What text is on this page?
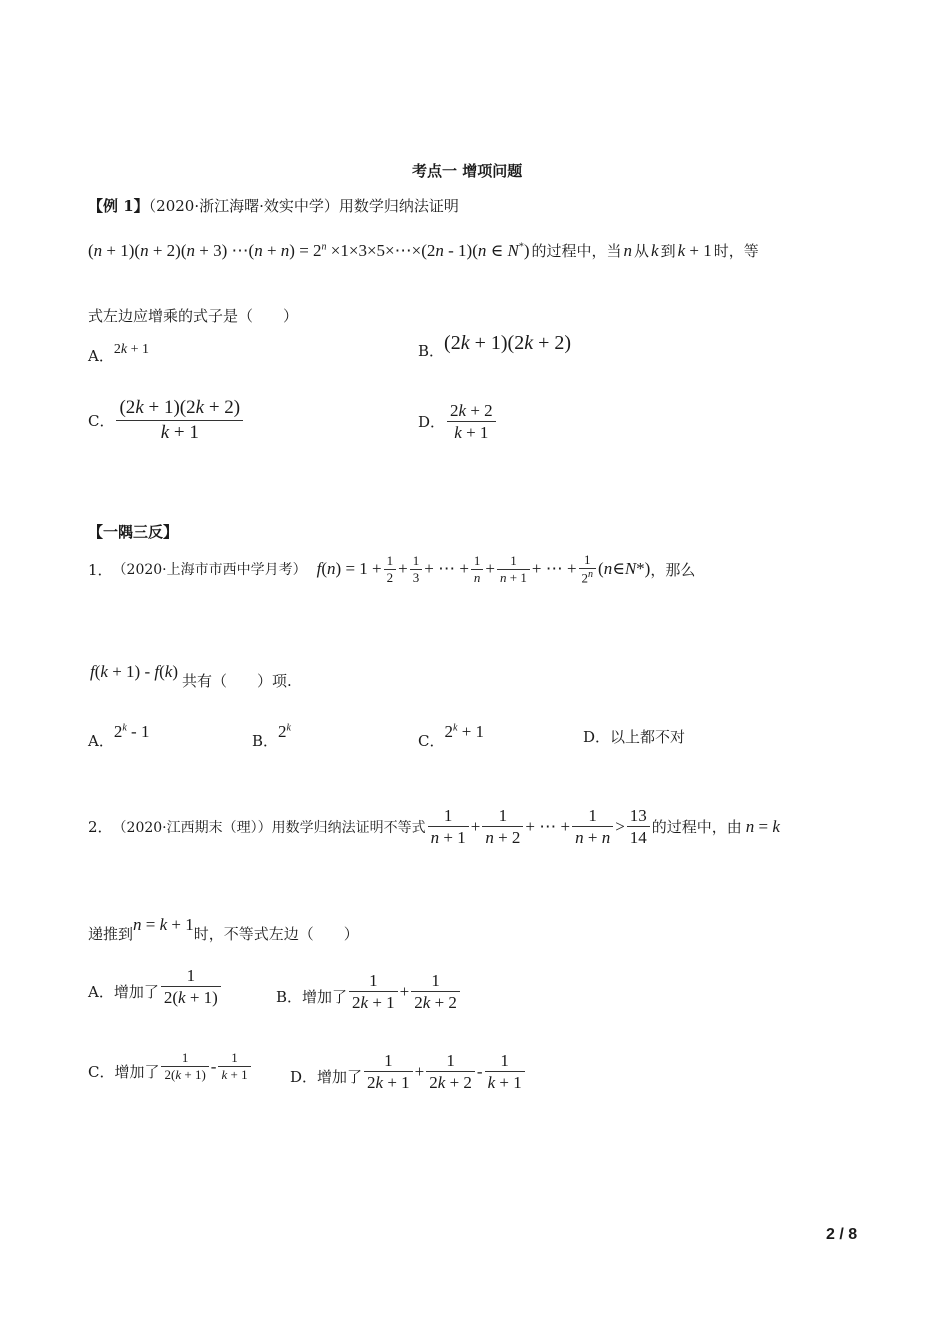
考点一 增项问题
【例 1】（2020·浙江海曙·效实中学）用数学归纳法证明
(n + 1)(n + 2)(n + 3) ⋯(n + $n) = 2^n$ ×1×3×5×⋯×(2n - 1)(n ∈ N*) 的过程中，当 n 从 k 到 k + 1 时，等
式左边应增乘的式子是（　　）
A． 2k + 1	B． (2k + 1)(2k + 2)
C． $\frac{(2k + 1)(2k + 2)}{k + 1}$	D． $\frac{2k + 2}{k + 1}$
【一隅三反】
1． （2020·上海市市西中学月考） f ( n ) = $1 + \frac{1}{2} + \frac{1}{3}$ + ⋯ + $\frac{1}{n} + \frac{1}{n + 1}$ + ⋯ + $\frac{1}{2^n}$ ( n ∈ N *) ，那么
f(k + 1) - f(k)
共有（　　）项.
A．
2$^k$ - 1
B．
2$^k$
C．
$2^k + 1$	D．以上都不对
2． （2020·江西期末（理））用数学归纳法证明不等式 $\frac{1}{n + 1} + \frac{1}{n + 2}$ + ⋯ + $\frac{1}{n + n} > \frac{13}{14}$ 的过程中，由 n = k
递推到
n = k + 1
时，不等式左边（　　）
A．增加了 $\frac{1}{2(k + 1)}$	B．增加了 $\frac{1}{2k + 1} + \frac{1}{2k + 2}$
C．增加了 $\frac{1}{2(k + 1)} - \frac{1}{k + 1}$	D．增加了 $\frac{1}{2k + 1} + \frac{1}{2k + 2} - \frac{1}{k + 1}$
2 / 8
